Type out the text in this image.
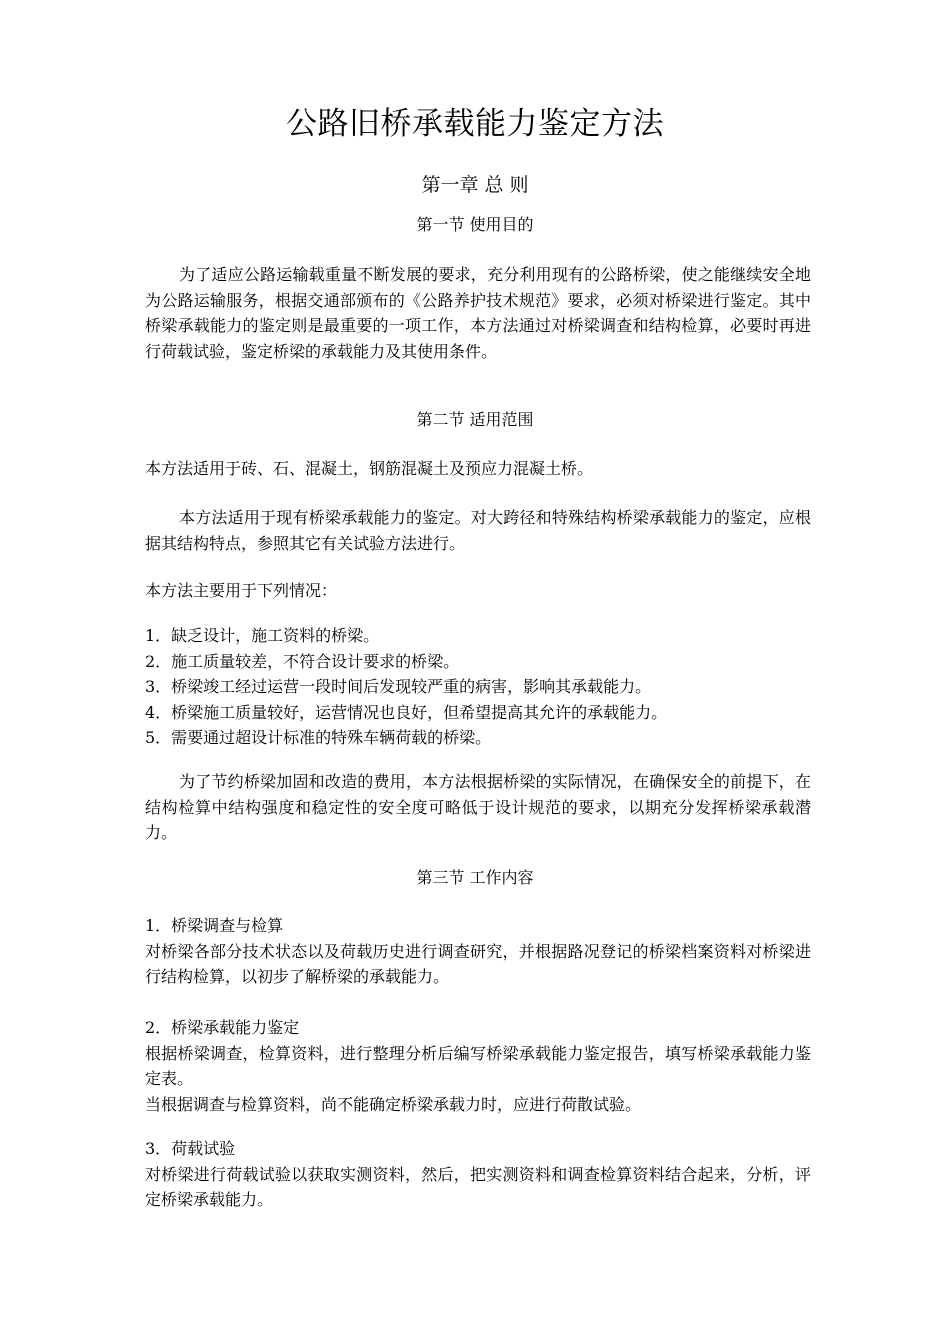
公路旧桥承载能力鉴定方法
第一章 总 则
第一节 使用目的

为了适应公路运输载重量不断发展的要求，充分利用现有的公路桥梁，使之能继续安全地为公路运输服务，根据交通部颁布的《公路养护技术规范》要求，必须对桥梁进行鉴定。其中桥梁承载能力的鉴定则是最重要的一项工作，本方法通过对桥梁调查和结构检算，必要时再进行荷载试验，鉴定桥梁的承载能力及其使用条件。

第二节 适用范围

本方法适用于砖、石、混凝土，钢筋混凝土及预应力混凝土桥。

本方法适用于现有桥梁承载能力的鉴定。对大跨径和特殊结构桥梁承载能力的鉴定，应根据其结构特点，参照其它有关试验方法进行。

本方法主要用于下列情况：

1．缺乏设计，施工资料的桥梁。
2．施工质量较差，不符合设计要求的桥梁。
3．桥梁竣工经过运营一段时间后发现较严重的病害，影响其承载能力。
4．桥梁施工质量较好，运营情况也良好，但希望提高其允许的承载能力。
5．需要通过超设计标准的特殊车辆荷载的桥梁。

为了节约桥梁加固和改造的费用，本方法根据桥梁的实际情况，在确保安全的前提下，在结构检算中结构强度和稳定性的安全度可略低于设计规范的要求，以期充分发挥桥梁承载潜力。

第三节 工作内容

1．桥梁调查与检算

对桥梁各部分技术状态以及荷载历史进行调查研究，并根据路况登记的桥梁档案资料对桥梁进行结构检算，以初步了解桥梁的承载能力。

2．桥梁承载能力鉴定

根据桥梁调查，检算资料，进行整理分析后编写桥梁承载能力鉴定报告，填写桥梁承载能力鉴定表。

当根据调查与检算资料，尚不能确定桥梁承载力时，应进行荷散试验。

3．荷载试验

对桥梁进行荷载试验以获取实测资料，然后，把实测资料和调查检算资料结合起来，分析，评定桥梁承载能力。
